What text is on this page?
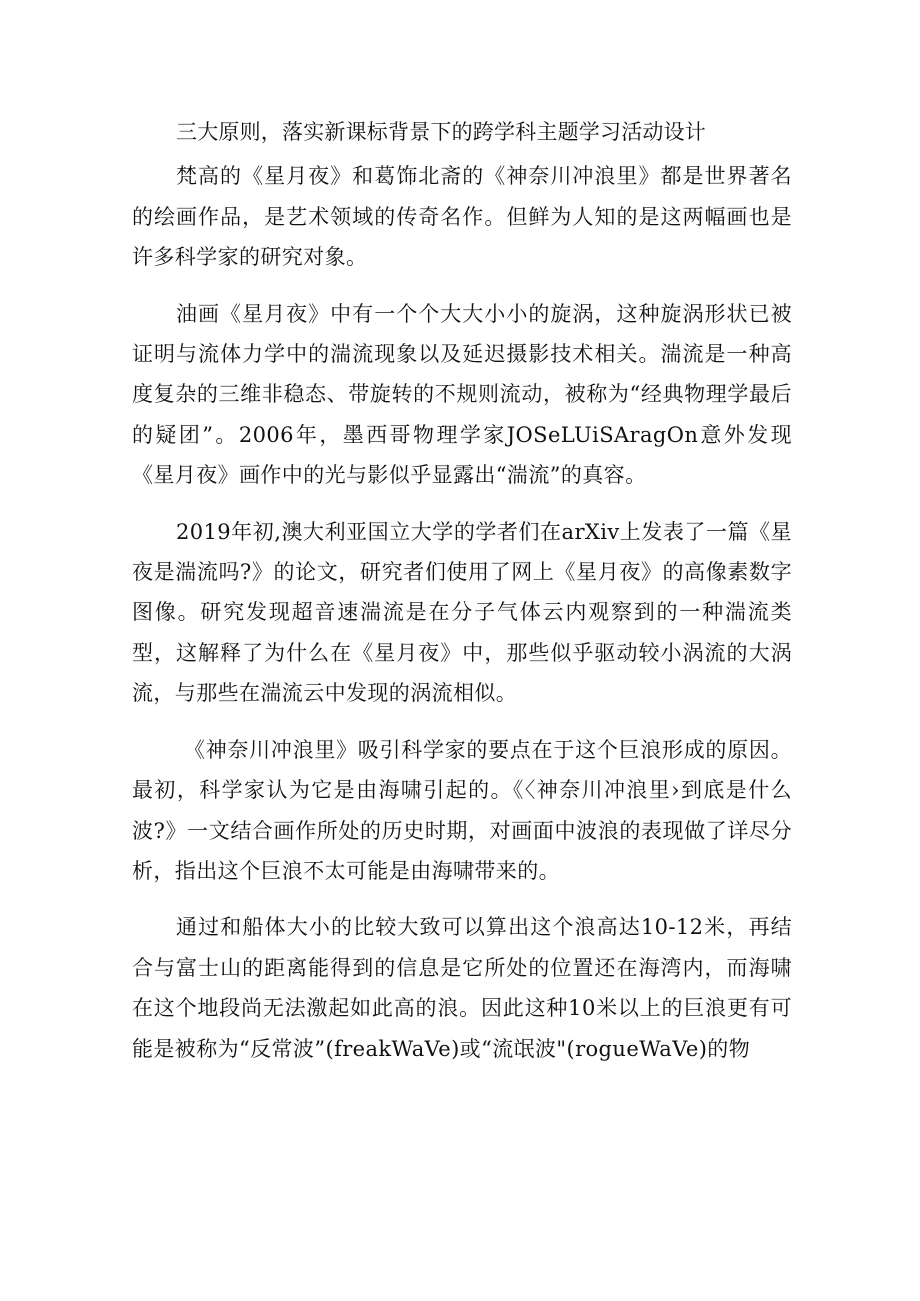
三大原则，落实新课标背景下的跨学科主题学习活动设计

梵高的《星月夜》和葛饰北斋的《神奈川冲浪里》都是世界著名的绘画作品，是艺术领域的传奇名作。但鲜为人知的是这两幅画也是许多科学家的研究对象。

油画《星月夜》中有一个个大大小小的旋涡，这种旋涡形状已被证明与流体力学中的湍流现象以及延迟摄影技术相关。湍流是一种高度复杂的三维非稳态、带旋转的不规则流动，被称为“经典物理学最后的疑团”。2006年，墨西哥物理学家JOSeLUiSAragOn意外发现《星月夜》画作中的光与影似乎显露出“湍流”的真容。

2019年初,澳大利亚国立大学的学者们在arXiv上发表了一篇《星夜是湍流吗?》的论文，研究者们使用了网上《星月夜》的高像素数字图像。研究发现超音速湍流是在分子气体云内观察到的一种湍流类型，这解释了为什么在《星月夜》中，那些似乎驱动较小涡流的大涡流，与那些在湍流云中发现的涡流相似。

《神奈川冲浪里》吸引科学家的要点在于这个巨浪形成的原因。最初，科学家认为它是由海啸引起的。《〈神奈川冲浪里›到底是什么波?》一文结合画作所处的历史时期，对画面中波浪的表现做了详尽分析，指出这个巨浪不太可能是由海啸带来的。

通过和船体大小的比较大致可以算出这个浪高达10-12米，再结合与富士山的距离能得到的信息是它所处的位置还在海湾内，而海啸在这个地段尚无法激起如此高的浪。因此这种10米以上的巨浪更有可能是被称为“反常波”(freakWaVe)或“流氓波"(rogueWaVe)的物
